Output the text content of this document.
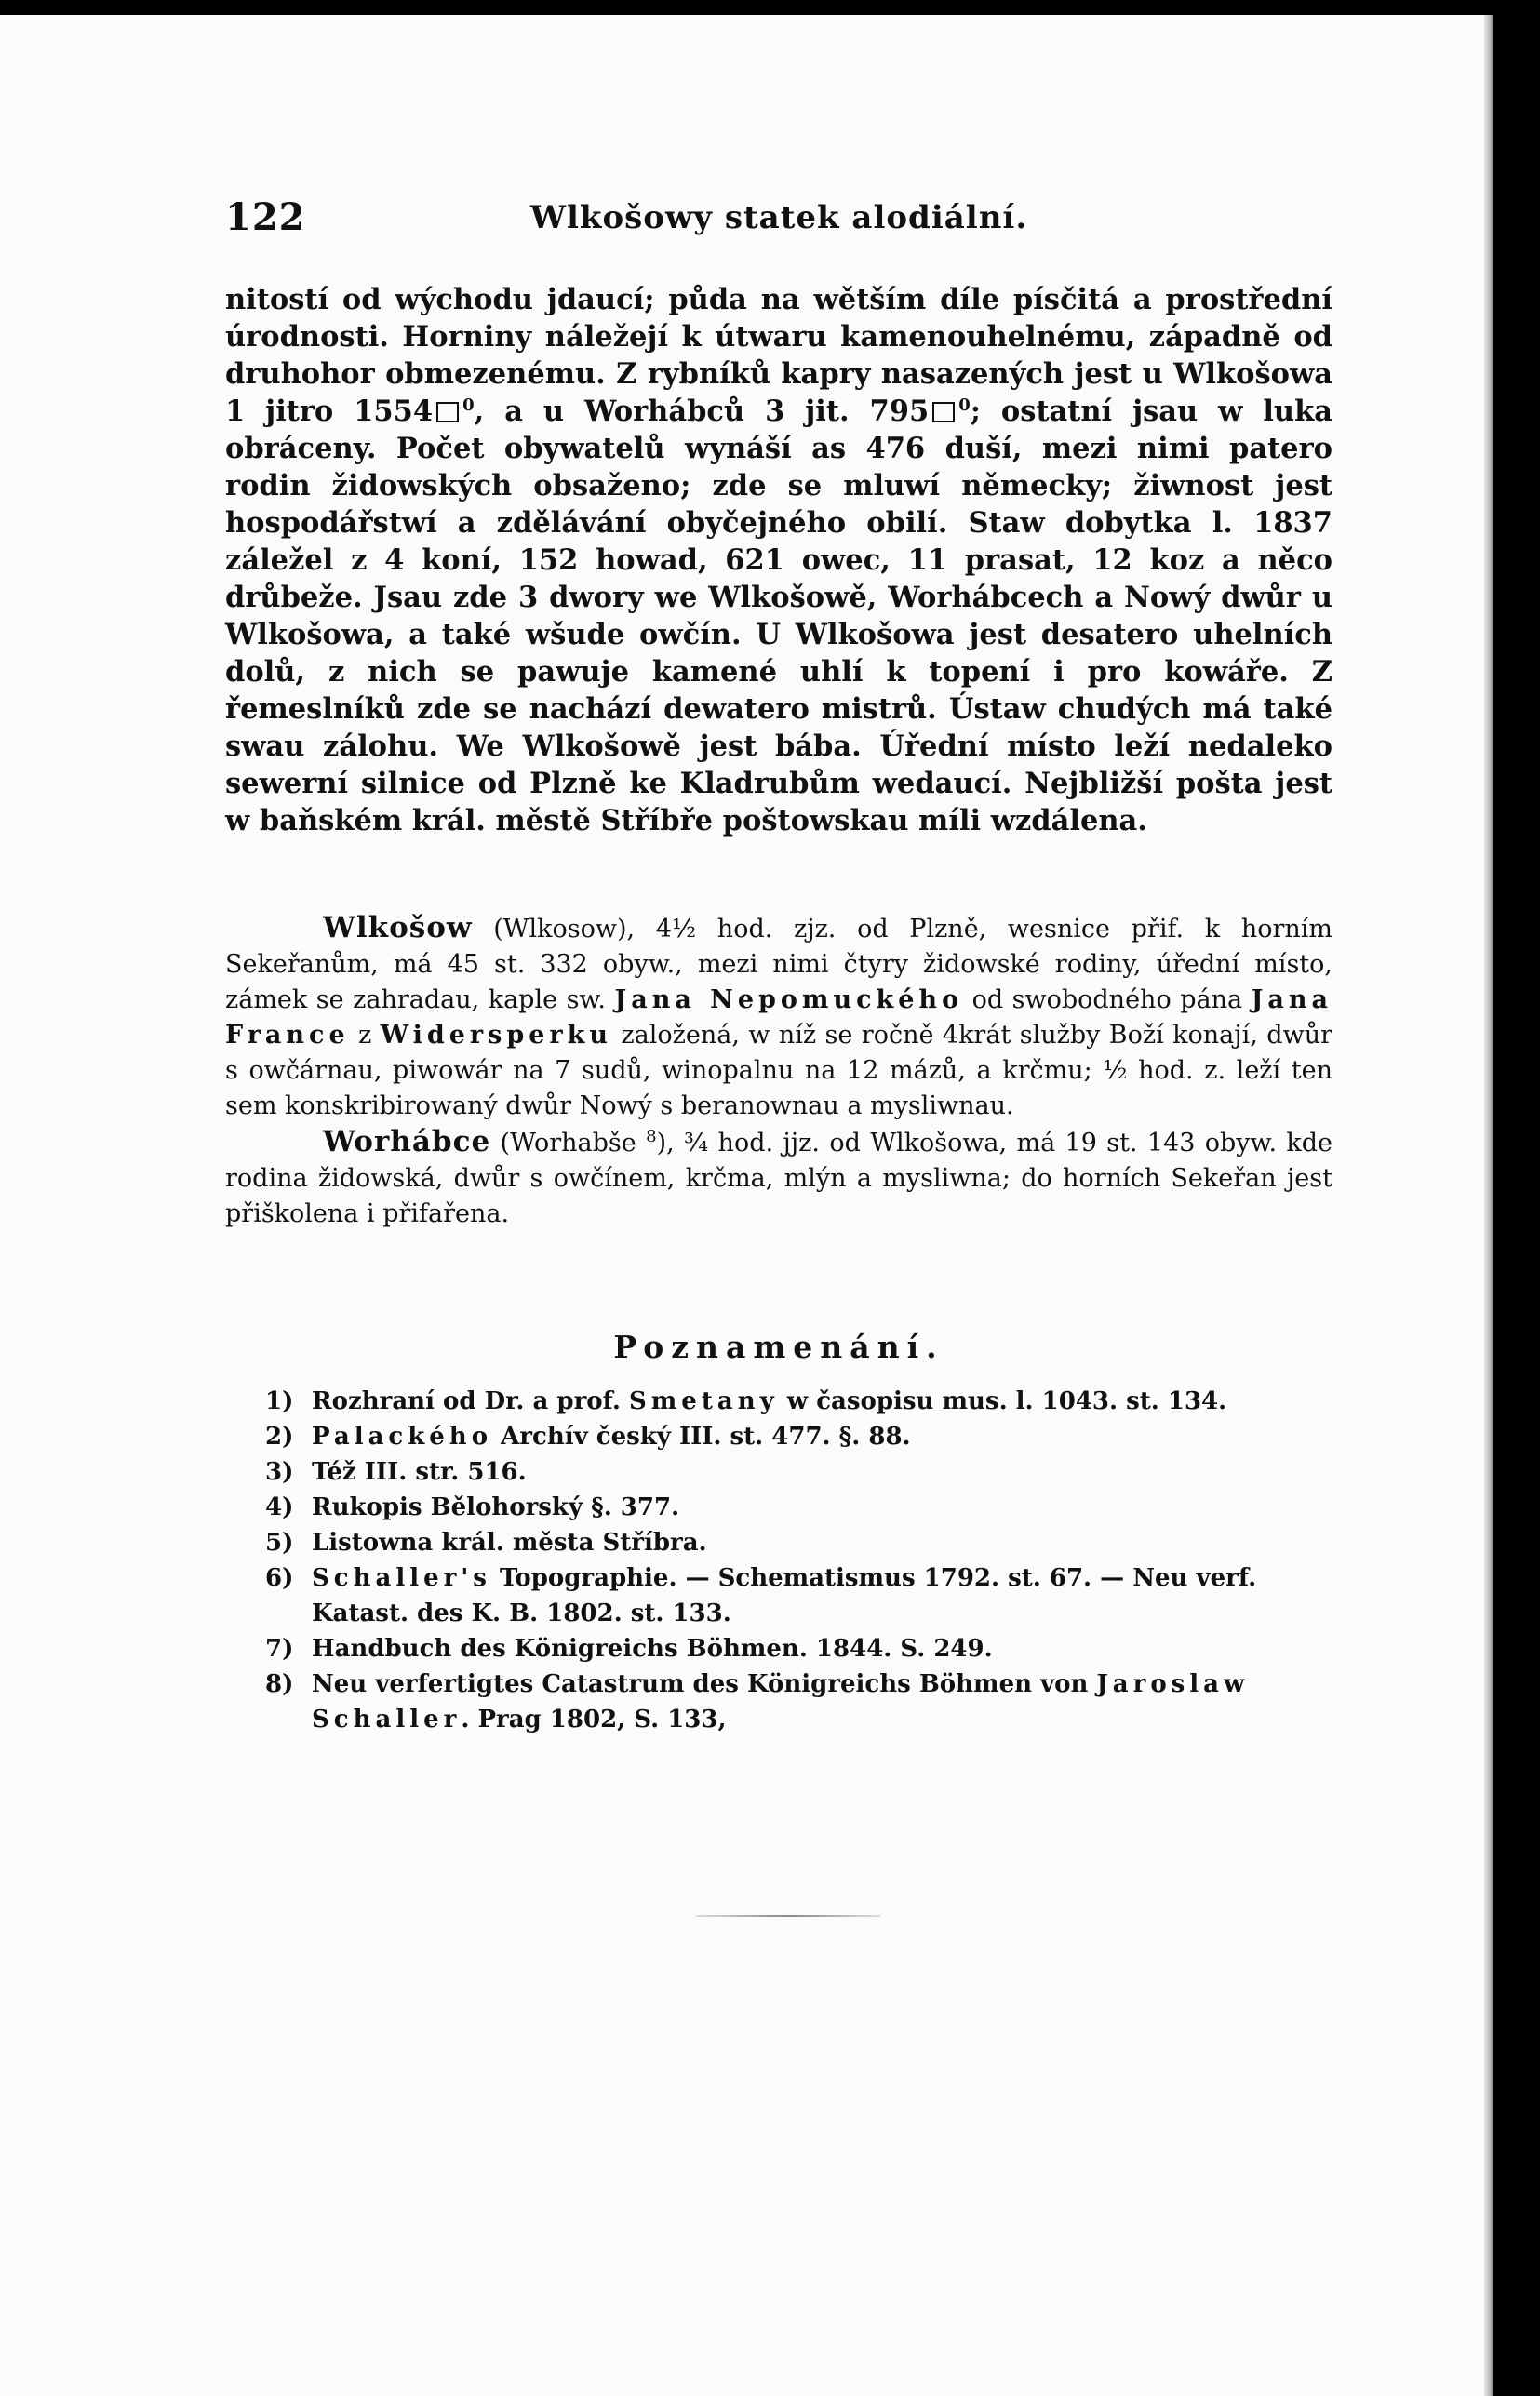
122	Wlkošowy statek alodiální.
nitostí od wýchodu jdaucí; půda na wětším díle písčitá a prostřední úrodnosti. Horniny náležejí k útwaru kamenouhelnému, západně od druhohor obmezenému. Z rybníků kapry nasazených jest u Wlkošowa 1 jitro 1554 $^0$, a u Worhábců 3 jit. 795 $^0$; ostatní jsau w luka obráceny. Počet obywatelů wynáší as 476 duší, mezi nimi patero rodin židowských obsaženo; zde se mluwí německy; žiwnost jest hospodářstwí a zdělávání obyčejného obilí. Staw dobytka l. 1837 záležel z 4 koní, 152 howad, 621 owec, 11 prasat, 12 koz a něco drůbeže. Jsau zde 3 dwory we Wlkošowě, Worhábcech a Nowý dwůr u Wlkošowa, a také wšude owčín. U Wlkošowa jest desatero uhelních dolů, z nich se pawuje kamené uhlí k topení i pro kowáře. Z řemeslníků zde se nachází dewatero mistrů. Ústaw chudých má také swau zálohu. We Wlkošowě jest bába. Úřední místo leží nedaleko sewerní silnice od Plzně ke Kladrubům wedaucí. Nejbližší pošta jest w baňském král. městě Stříbře poštowskau míli wzdálena.

Wlkošow (Wlkosow), 4½ hod. zjz. od Plzně, wesnice přif. k horním Sekeřanům, má 45 st. 332 obyw., mezi nimi čtyry židowské rodiny, úřední místo, zámek se zahradau, kaple sw. Jana Nepomuckého od swobodného pána Jana France z Widersperku založená, w níž se ročně 4krát služby Boží konají, dwůr s owčárnau, piwowár na 7 sudů, winopalnu na 12 mázů, a krčmu; ½ hod. z. leží ten sem konskribirowaný dwůr Nowý s beranownau a mysliwnau.

Worhábce (Worhabše $^8$), ¾ hod. jjz. od Wlkošowa, má 19 st. 143 obyw. kde rodina židowská, dwůr s owčínem, krčma, mlýn a mysliwna; do horních Sekeřan jest přiškolena i přifařena.

Poznamenání.
1) Rozhraní od Dr. a prof. Smetany w časopisu mus. l. 1043. st. 134.
2) Palackého Archív český III. st. 477. §. 88.
3) Též III. str. 516.
4) Rukopis Bělohorský §. 377.
5) Listowna král. města Stříbra.
6) Schaller's Topographie. — Schematismus 1792. st. 67. — Neu verf. Katast. des K. B. 1802. st. 133.
7) Handbuch des Königreichs Böhmen. 1844. S. 249.
8) Neu verfertigtes Catastrum des Königreichs Böhmen von Jaroslaw Schaller. Prag 1802, S. 133,
